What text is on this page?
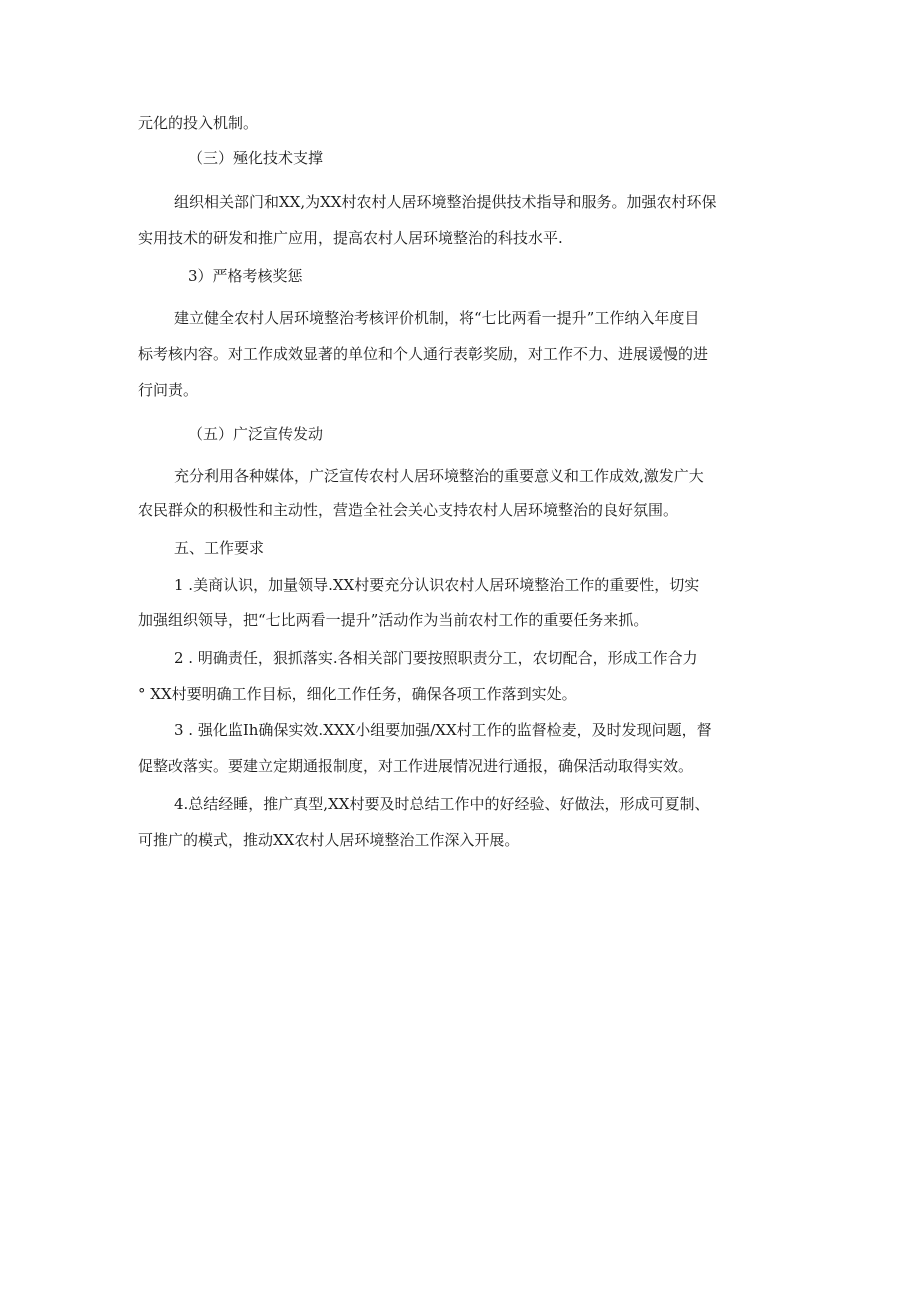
元化的投入机制。
（三）殛化技术支撑
组织相关部门和XX,为XX村农村人居环境整治提供技术指导和服务。加强农村环保
实用技术的研发和推广应用，提高农村人居环境整治的科技水平.
3）严格考核奖惩
建立健全农村人居环境整治考核评价机制，将“七比两看一提升”工作纳入年度目
标考核内容。对工作成效显著的单位和个人通行表彰奖励，对工作不力、进展谖慢的进
行问责。
（五）广泛宣传发动
充分利用各种媒体，广泛宣传农村人居环境整治的重要意义和工作成效,激发广大
农民群众的积极性和主动性，营造全社会关心支持农村人居环境整治的良好氛围。
五、工作要求
1 .美商认识，加量领导.XX村要充分认识农村人居环境整治工作的重要性，切实
加强组织领导，把“七比两看一提升”活动作为当前农村工作的重要任务来抓。
2 . 明确责任，狠抓落实.各相关部门要按照职责分工，农切配合，形成工作合力
° XX村要明确工作目标，细化工作任务，确保各项工作落到实处。
3 . 强化监Ih确保实效.XXX小组要加强/XX村工作的监督检麦，及时发现问题，督
促整改落实。要建立定期通报制度，对工作进展情况进行通报，确保活动取得实效。
4.总结经睡，推广真型,XX村要及时总结工作中的好经验、好做法，形成可夏制、
可推广的模式，推动XX农村人居环境整治工作深入开展。
